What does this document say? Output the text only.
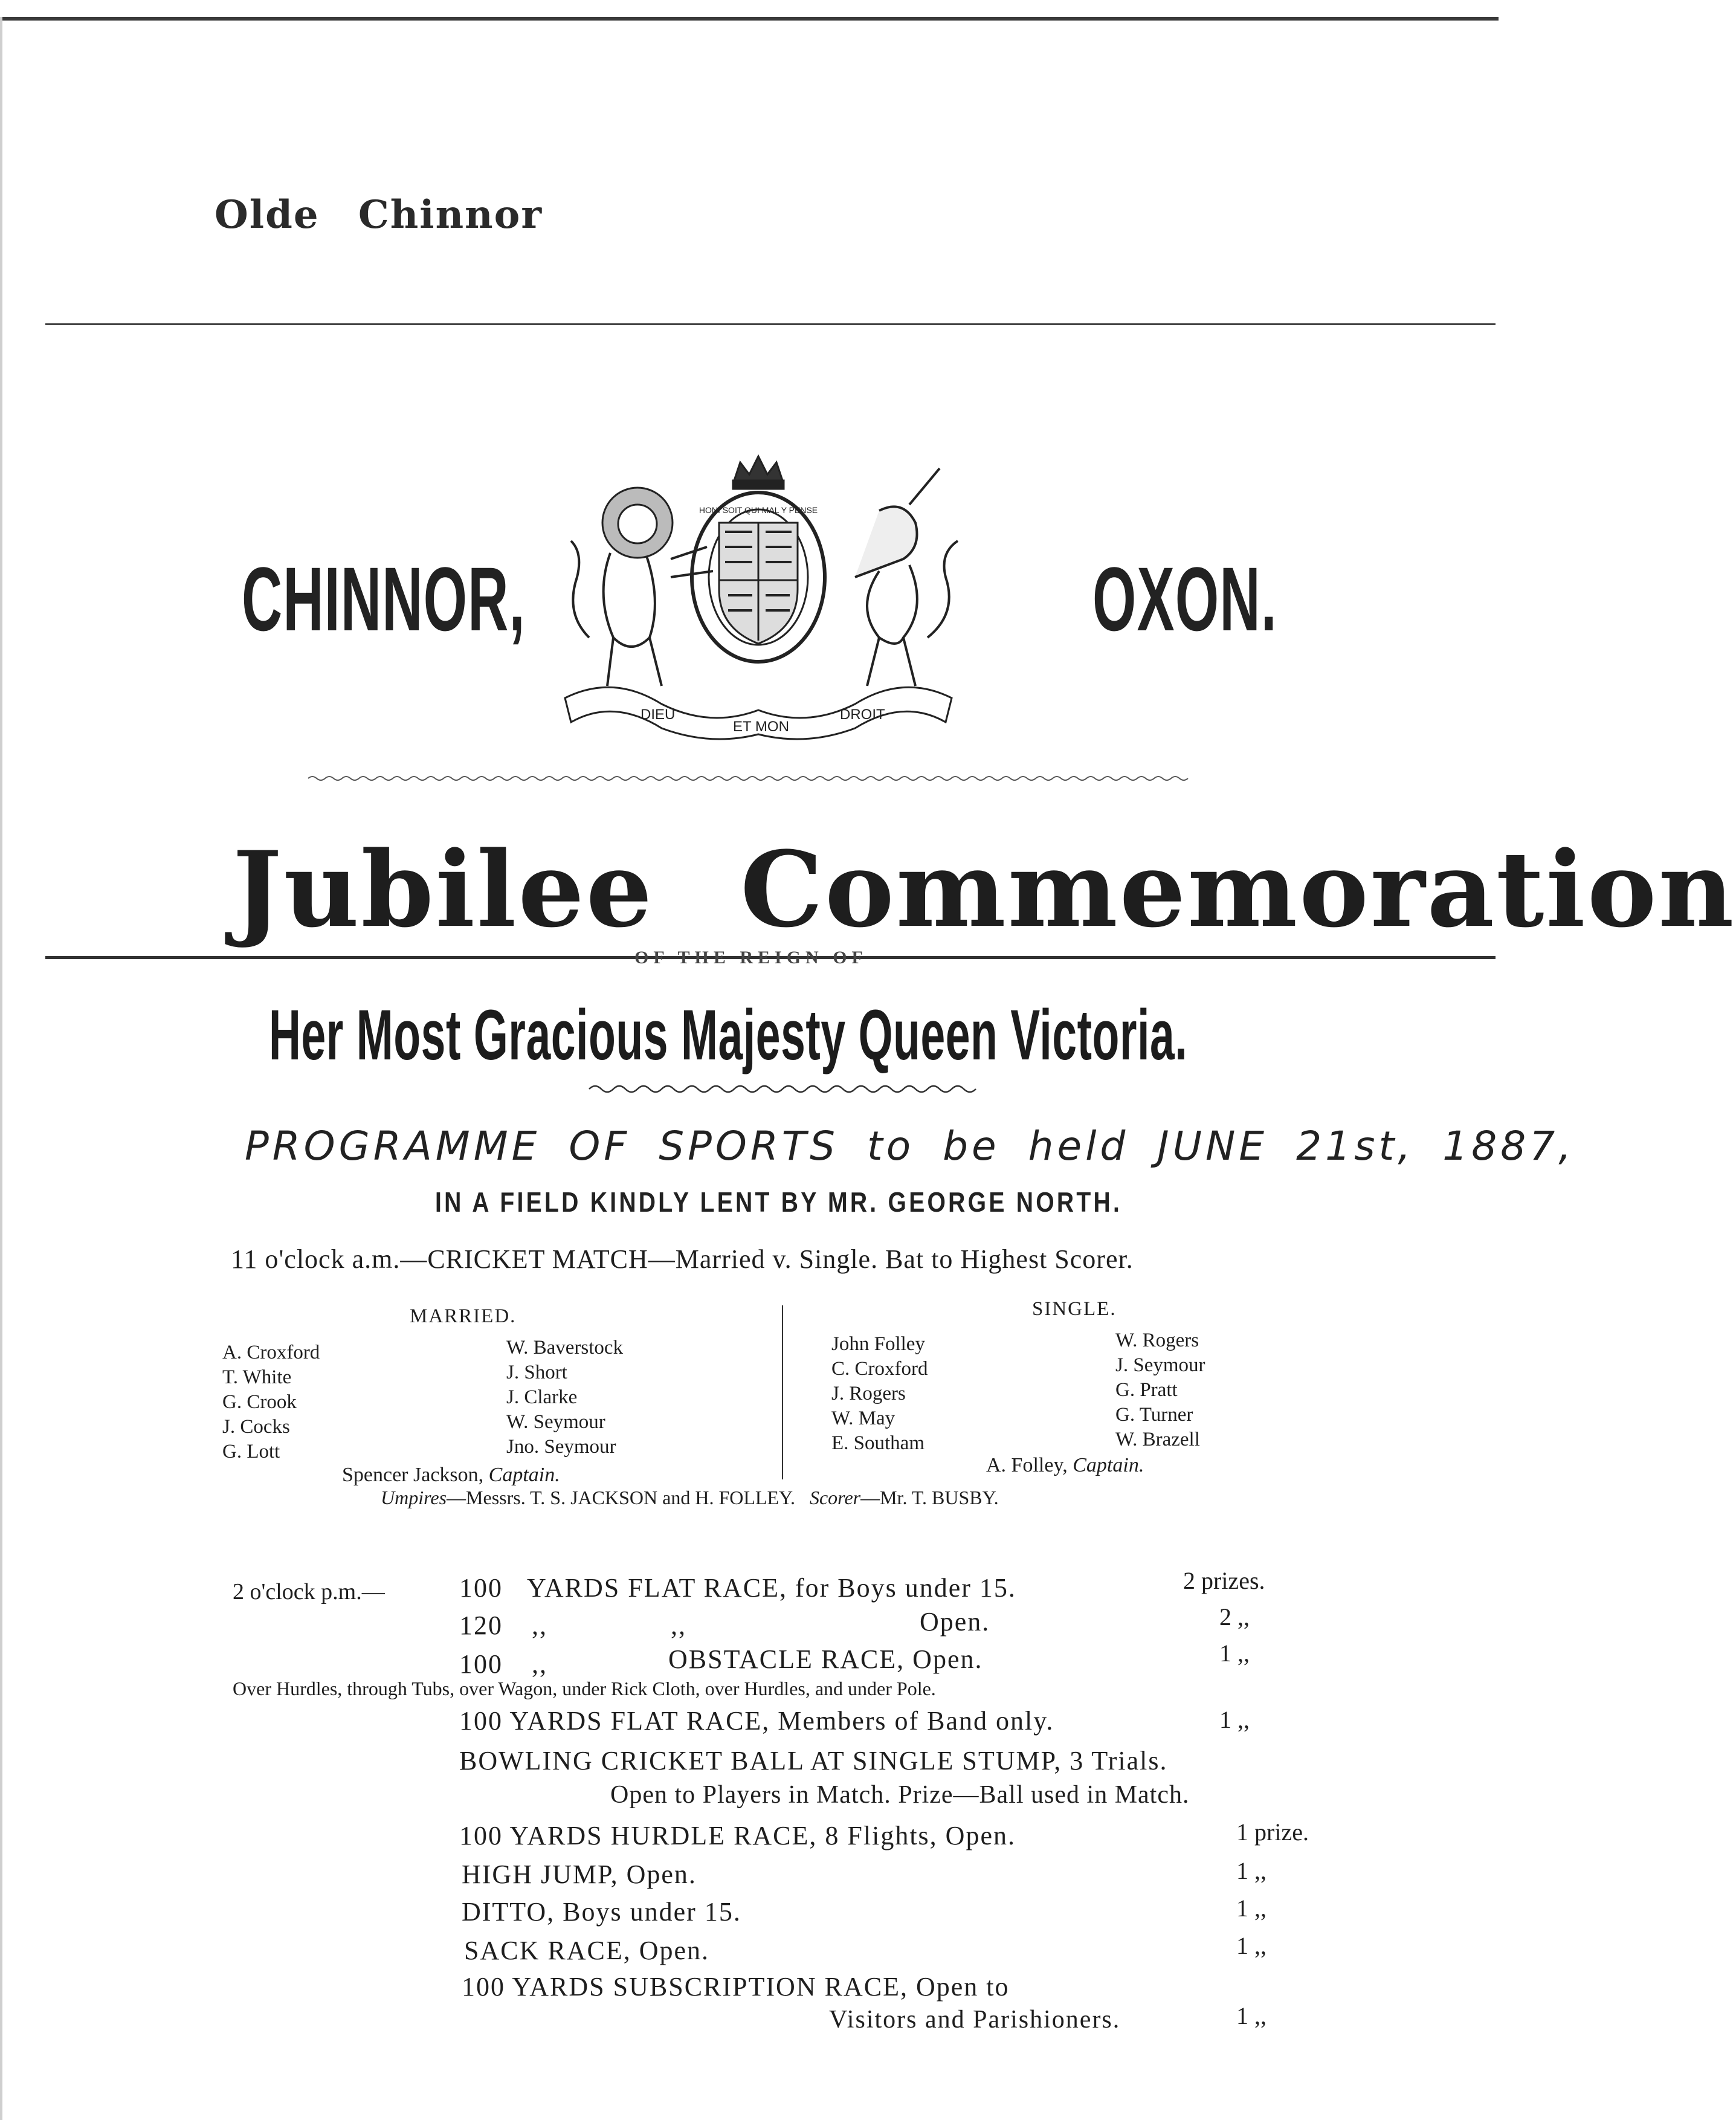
Olde Chinnor
CHINNOR,	OXON.
DIEU
ET MON
DROIT
HONI SOIT QUI MAL Y PENSE
Jubilee Commemoration
OF THE REIGN OF
Her Most Gracious Majesty Queen Victoria.
PROGRAMME OF SPORTS to be held JUNE 21st, 1887,
IN A FIELD KINDLY LENT BY MR. GEORGE NORTH.
11 o'clock a.m.—CRICKET MATCH—Married v. Single. Bat to Highest Scorer.
MARRIED.
A. Croxford
T. White
G. Crook
J. Cocks
G. Lott
W. Baverstock
J. Short
J. Clarke
W. Seymour
Jno. Seymour
Spencer Jackson, Captain.
SINGLE.
John Folley
C. Croxford
J. Rogers
W. May
E. Southam
W. Rogers
J. Seymour
G. Pratt
G. Turner
W. Brazell
A. Folley, Captain.
Umpires—Messrs. T. S. JACKSON and H. FOLLEY. Scorer—Mr. T. BUSBY.
2 o'clock p.m.—	100 YARDS FLAT RACE, for Boys under 15.	2 prizes.
120 ,,	,,	Open.	2 ,,
100 ,,	OBSTACLE RACE, Open.	1 ,,
Over Hurdles, through Tubs, over Wagon, under Rick Cloth, over Hurdles, and under Pole.
100 YARDS FLAT RACE, Members of Band only.	1 ,,
BOWLING CRICKET BALL AT SINGLE STUMP, 3 Trials.
Open to Players in Match. Prize—Ball used in Match.
100 YARDS HURDLE RACE, 8 Flights, Open.	1 prize.
HIGH JUMP, Open.	1 ,,
DITTO, Boys under 15.	1 ,,
SACK RACE, Open.	1 ,,
100 YARDS SUBSCRIPTION RACE, Open to
Visitors and Parishioners.	1 ,,
